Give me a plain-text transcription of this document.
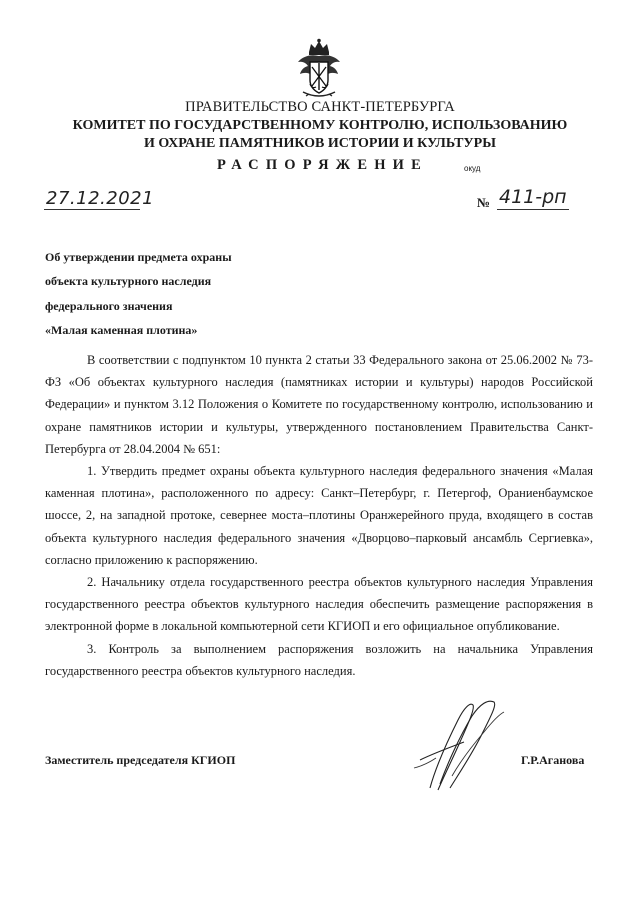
ПРАВИТЕЛЬСТВО САНКТ-ПЕТЕРБУРГА
КОМИТЕТ ПО ГОСУДАРСТВЕННОМУ КОНТРОЛЮ, ИСПОЛЬЗОВАНИЮ
И ОХРАНЕ ПАМЯТНИКОВ ИСТОРИИ И КУЛЬТУРЫ
РАСПОРЯЖЕНИЕ	окуд
27.12.2021	№ 411-рп
Об утверждении предмета охраны
объекта культурного наследия
федерального значения
«Малая каменная плотина»

В соответствии с подпунктом 10 пункта 2 статьи 33 Федерального закона от 25.06.2002 № 73-ФЗ «Об объектах культурного наследия (памятниках истории и культуры) народов Российской Федерации» и пунктом 3.12 Положения о Комитете по государственному контролю, использованию и охране памятников истории и культуры, утвержденного постановлением Правительства Санкт-Петербурга от 28.04.2004 № 651:

1. Утвердить предмет охраны объекта культурного наследия федерального значения «Малая каменная плотина», расположенного по адресу: Санкт–Петербург, г. Петергоф, Ораниенбаумское шоссе, 2, на западной протоке, севернее моста–плотины Оранжерейного пруда, входящего в состав объекта культурного наследия федерального значения «Дворцово–парковый ансамбль Сергиевка», согласно приложению к распоряжению.

2. Начальнику отдела государственного реестра объектов культурного наследия Управления государственного реестра объектов культурного наследия обеспечить размещение распоряжения в электронной форме в локальной компьютерной сети КГИОП и его официальное опубликование.

3. Контроль за выполнением распоряжения возложить на начальника Управления государственного реестра объектов культурного наследия.

Заместитель председателя КГИОП	Г.Р.Аганова
